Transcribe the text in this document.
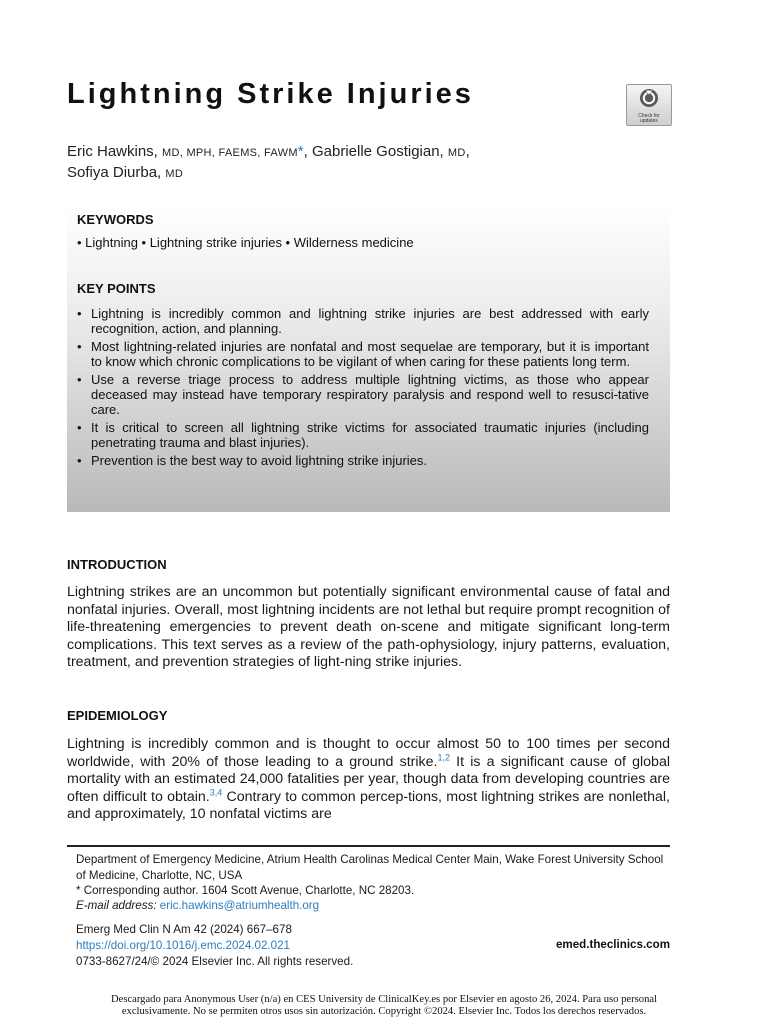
Lightning Strike Injuries
Check for
updates
Eric Hawkins, MD, MPH, FAEMS, FAWM*, Gabrielle Gostigian, MD,
Sofiya Diurba, MD
KEYWORDS
• Lightning • Lightning strike injuries • Wilderness medicine
KEY POINTS
• Lightning is incredibly common and lightning strike injuries are best addressed with early recognition, action, and planning.
• Most lightning-related injuries are nonfatal and most sequelae are temporary, but it is important to know which chronic complications to be vigilant of when caring for these patients long term.
• Use a reverse triage process to address multiple lightning victims, as those who appear deceased may instead have temporary respiratory paralysis and respond well to resusci-tative care.
• It is critical to screen all lightning strike victims for associated traumatic injuries (including penetrating trauma and blast injuries).
• Prevention is the best way to avoid lightning strike injuries.
INTRODUCTION

Lightning strikes are an uncommon but potentially significant environmental cause of fatal and nonfatal injuries. Overall, most lightning incidents are not lethal but require prompt recognition of life-threatening emergencies to prevent death on-scene and mitigate significant long-term complications. This text serves as a review of the path-ophysiology, injury patterns, evaluation, treatment, and prevention strategies of light-ning strike injuries.

EPIDEMIOLOGY

Lightning is incredibly common and is thought to occur almost 50 to 100 times per second worldwide, with 20% of those leading to a ground strike.$^{1,2}$ It is a significant cause of global mortality with an estimated 24,000 fatalities per year, though data from developing countries are often difficult to obtain.$^{3,4}$ Contrary to common percep-tions, most lightning strikes are nonlethal, and approximately, 10 nonfatal victims are

Department of Emergency Medicine, Atrium Health Carolinas Medical Center Main, Wake Forest University School of Medicine, Charlotte, NC, USA

* Corresponding author. 1604 Scott Avenue, Charlotte, NC 28203.

E-mail address: eric.hawkins@atriumhealth.org

Emerg Med Clin N Am 42 (2024) 667–678

https://doi.org/10.1016/j.emc.2024.02.021	emed.theclinics.com

0733-8627/24/© 2024 Elsevier Inc. All rights reserved.

Descargado para Anonymous User (n/a) en CES University de ClinicalKey.es por Elsevier en agosto 26, 2024. Para uso personal
exclusivamente. No se permiten otros usos sin autorización. Copyright ©2024. Elsevier Inc. Todos los derechos reservados.
